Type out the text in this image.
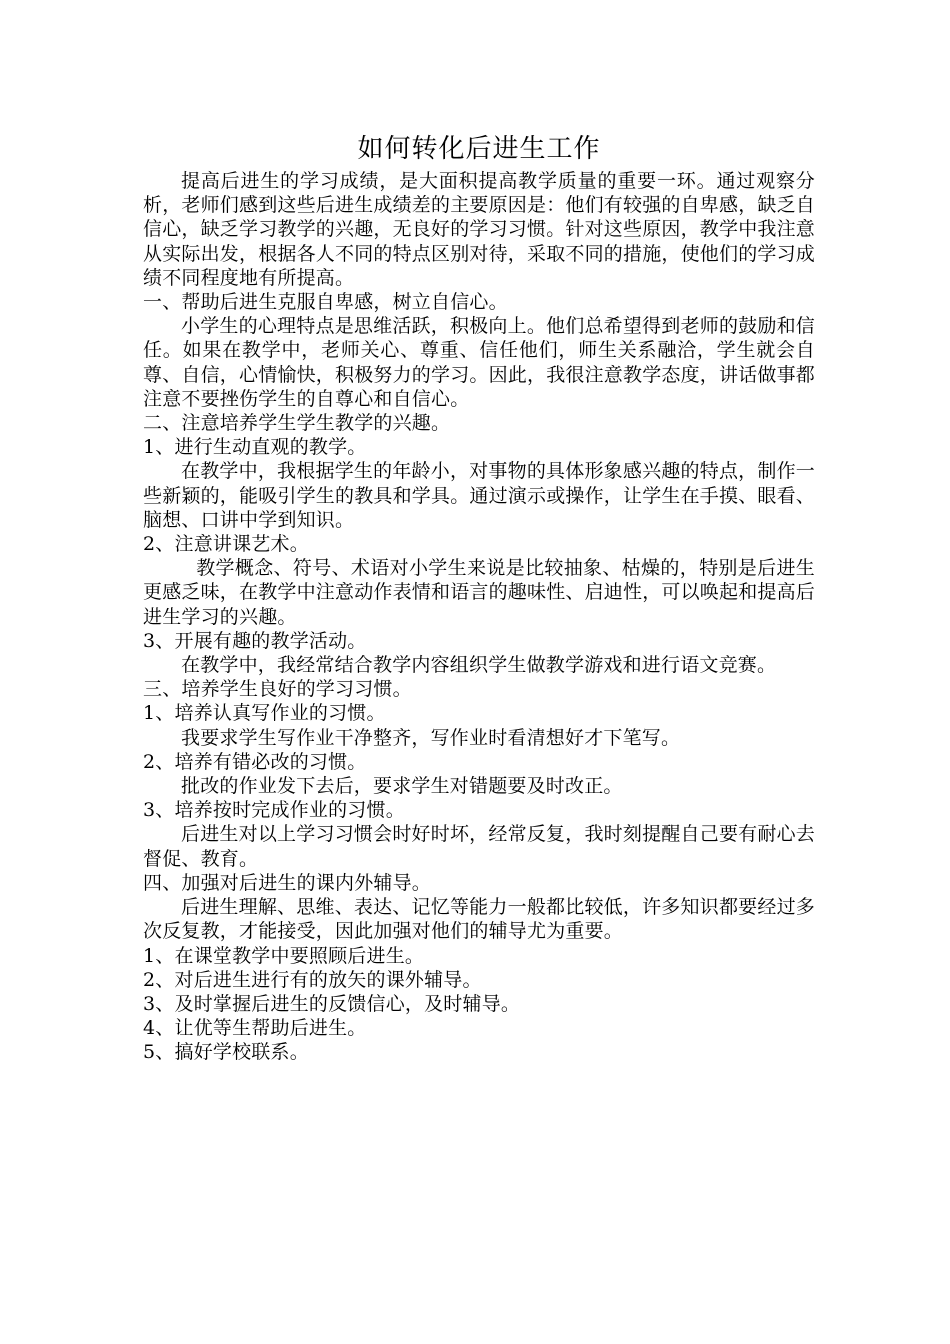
如何转化后进生工作

提高后进生的学习成绩，是大面积提高教学质量的重要一环。通过观察分析，老师们感到这些后进生成绩差的主要原因是：他们有较强的自卑感，缺乏自信心，缺乏学习教学的兴趣，无良好的学习习惯。针对这些原因，教学中我注意从实际出发，根据各人不同的特点区别对待，采取不同的措施，使他们的学习成绩不同程度地有所提高。

一、帮助后进生克服自卑感，树立自信心。

小学生的心理特点是思维活跃，积极向上。他们总希望得到老师的鼓励和信任。如果在教学中，老师关心、尊重、信任他们，师生关系融洽，学生就会自尊、自信，心情愉快，积极努力的学习。因此，我很注意教学态度，讲话做事都注意不要挫伤学生的自尊心和自信心。

二、注意培养学生学生教学的兴趣。

1、进行生动直观的教学。

在教学中，我根据学生的年龄小，对事物的具体形象感兴趣的特点，制作一些新颖的，能吸引学生的教具和学具。通过演示或操作，让学生在手摸、眼看、脑想、口讲中学到知识。

2、注意讲课艺术。

教学概念、符号、术语对小学生来说是比较抽象、枯燥的，特别是后进生更感乏味，在教学中注意动作表情和语言的趣味性、启迪性，可以唤起和提高后进生学习的兴趣。

3、开展有趣的教学活动。

在教学中，我经常结合教学内容组织学生做教学游戏和进行语文竞赛。

三、培养学生良好的学习习惯。

1、培养认真写作业的习惯。

我要求学生写作业干净整齐，写作业时看清想好才下笔写。

2、培养有错必改的习惯。

批改的作业发下去后，要求学生对错题要及时改正。

3、培养按时完成作业的习惯。

后进生对以上学习习惯会时好时坏，经常反复，我时刻提醒自己要有耐心去督促、教育。

四、加强对后进生的课内外辅导。

后进生理解、思维、表达、记忆等能力一般都比较低，许多知识都要经过多次反复教，才能接受，因此加强对他们的辅导尤为重要。

1、在课堂教学中要照顾后进生。

2、对后进生进行有的放矢的课外辅导。

3、及时掌握后进生的反馈信心，及时辅导。

4、让优等生帮助后进生。

5、搞好学校联系。
